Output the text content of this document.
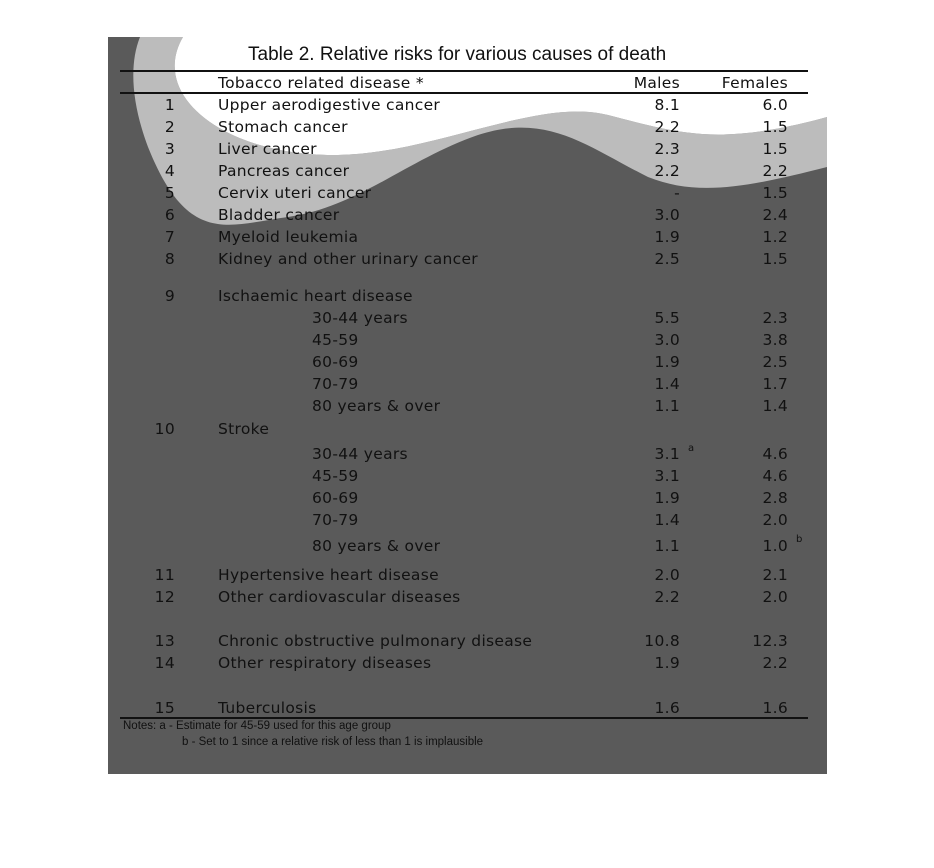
Table 2. Relative risks for various causes of death
Tobacco related disease *	Males	Females
1	Upper aerodigestive cancer	8.1	6.0
2	Stomach cancer	2.2	1.5
3	Liver cancer	2.3	1.5
4	Pancreas cancer	2.2	2.2
5	Cervix uteri cancer	-	1.5
6	Bladder cancer	3.0	2.4
7	Myeloid leukemia	1.9	1.2
8	Kidney and other urinary cancer	2.5	1.5
9	Ischaemic heart disease
30-44 years	5.5	2.3
45-59	3.0	3.8
60-69	1.9	2.5
70-79	1.4	1.7
80 years & over	1.1	1.4
10	Stroke
30-44 years	3.1	4.6
45-59	3.1	4.6
60-69	1.9	2.8
70-79	1.4	2.0
80 years & over	1.1	1.0
11	Hypertensive heart disease	2.0	2.1
12	Other cardiovascular diseases	2.2	2.0
13	Chronic obstructive pulmonary disease	10.8	12.3
14	Other respiratory diseases	1.9	2.2
15	Tuberculosis	1.6	1.6
a
b
Notes: a - Estimate for 45-59 used for this age group
b - Set to 1 since a relative risk of less than 1 is implausible
